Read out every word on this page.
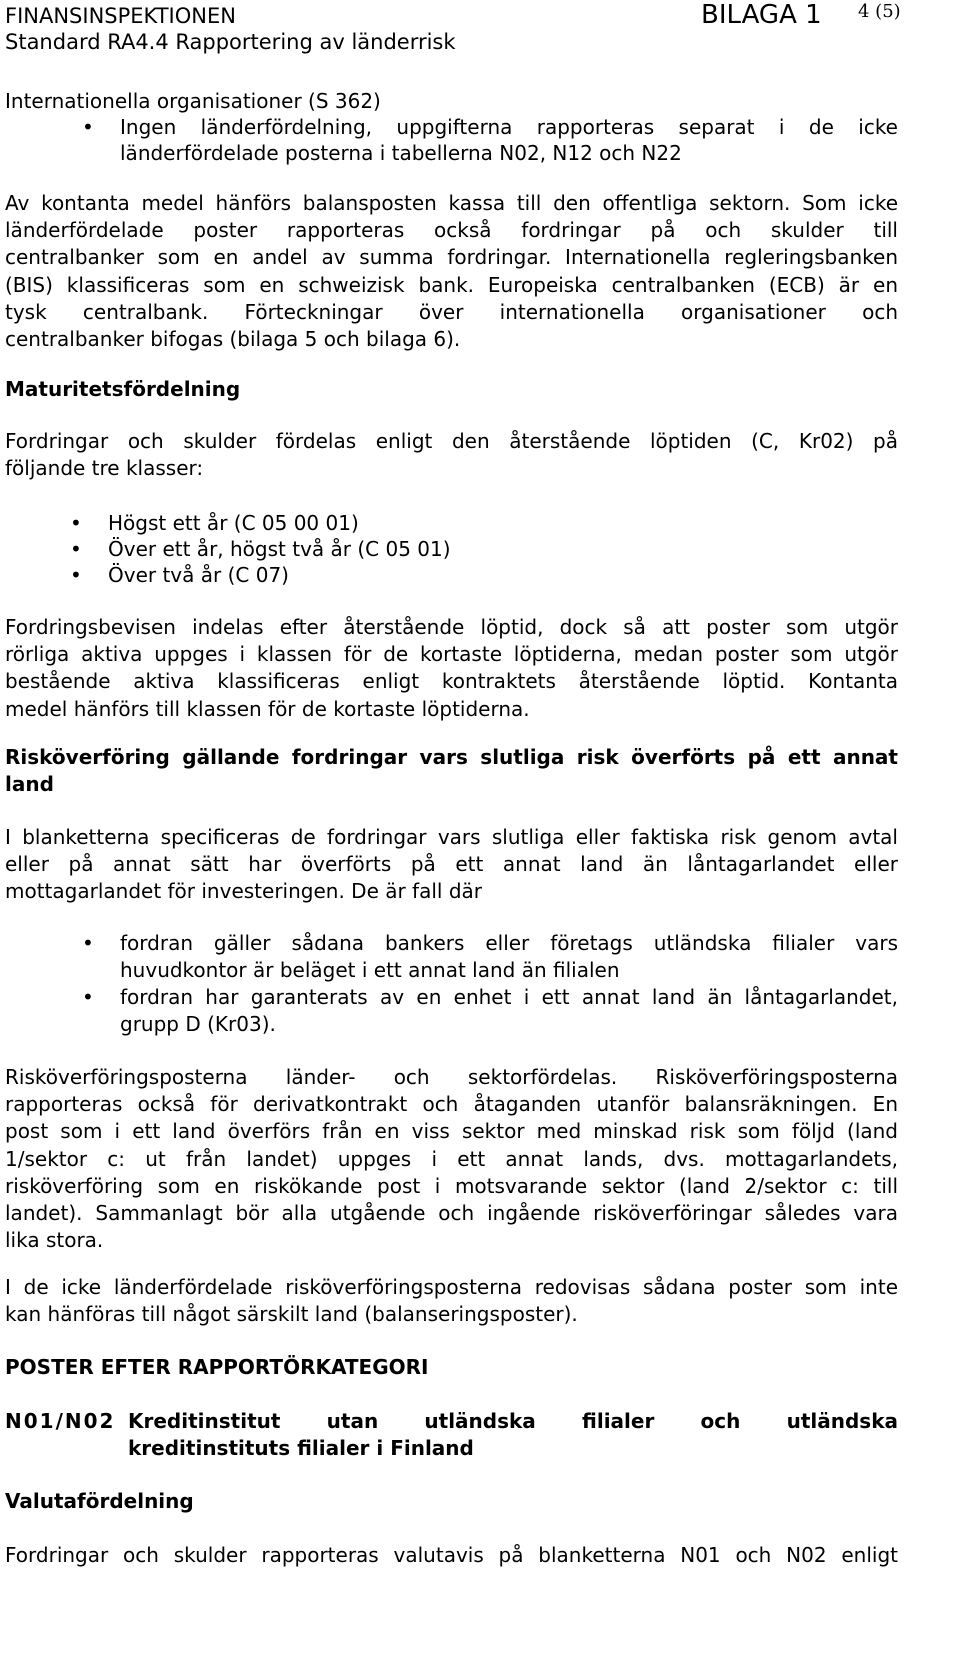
FINANSINSPEKTIONEN	BILAGA 1 4 (5)
Standard RA4.4 Rapportering av länderrisk
Internationella organisationer (S 362)
• Ingen länderfördelning, uppgifterna rapporteras separat i de icke
länderfördelade posterna i tabellerna N02, N12 och N22
Av kontanta medel hänförs balansposten kassa till den offentliga sektorn. Som icke
länderfördelade poster rapporteras också fordringar på och skulder till
centralbanker som en andel av summa fordringar. Internationella regleringsbanken
(BIS) klassificeras som en schweizisk bank. Europeiska centralbanken (ECB) är en
tysk centralbank. Förteckningar över internationella organisationer och
centralbanker bifogas (bilaga 5 och bilaga 6).
Maturitetsfördelning
Fordringar och skulder fördelas enligt den återstående löptiden (C, Kr02) på
följande tre klasser:
• Högst ett år (C 05 00 01)
• Över ett år, högst två år (C 05 01)
• Över två år (C 07)
Fordringsbevisen indelas efter återstående löptid, dock så att poster som utgör
rörliga aktiva uppges i klassen för de kortaste löptiderna, medan poster som utgör
bestående aktiva klassificeras enligt kontraktets återstående löptid. Kontanta
medel hänförs till klassen för de kortaste löptiderna.
Risköverföring gällande fordringar vars slutliga risk överförts på ett annat
land
I blanketterna specificeras de fordringar vars slutliga eller faktiska risk genom avtal
eller på annat sätt har överförts på ett annat land än låntagarlandet eller
mottagarlandet för investeringen. De är fall där
• fordran gäller sådana bankers eller företags utländska filialer vars
huvudkontor är beläget i ett annat land än filialen
• fordran har garanterats av en enhet i ett annat land än låntagarlandet,
grupp D (Kr03).
Risköverföringsposterna länder- och sektorfördelas. Risköverföringsposterna
rapporteras också för derivatkontrakt och åtaganden utanför balansräkningen. En
post som i ett land överförs från en viss sektor med minskad risk som följd (land
1/sektor c: ut från landet) uppges i ett annat lands, dvs. mottagarlandets,
risköverföring som en riskökande post i motsvarande sektor (land 2/sektor c: till
landet). Sammanlagt bör alla utgående och ingående risköverföringar således vara
lika stora.
I de icke länderfördelade risköverföringsposterna redovisas sådana poster som inte
kan hänföras till något särskilt land (balanseringsposter).
POSTER EFTER RAPPORTÖRKATEGORI
N01/N02 Kreditinstitut utan utländska filialer och utländska
kreditinstituts filialer i Finland
Valutafördelning
Fordringar och skulder rapporteras valutavis på blanketterna N01 och N02 enligt
